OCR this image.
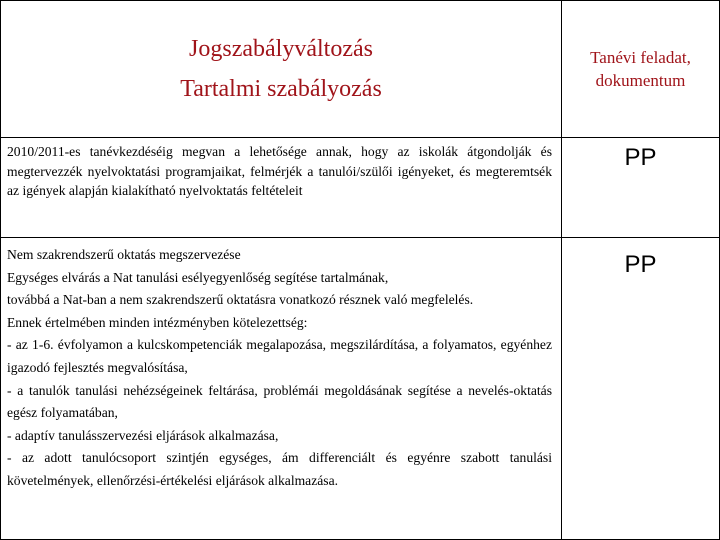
Jogszabályváltozás
Tartalmi szabályozás
Tanévi feladat,
dokumentum
2010/2011-es tanévkezdéséig megvan a lehetősége annak, hogy az iskolák átgondolják és megtervezzék nyelvoktatási programjaikat, felmérjék a tanulói/szülői igényeket, és megteremtsék az igények alapján kialakítható nyelvoktatás feltételeit
PP

Nem szakrendszerű oktatás megszervezése

Egységes elvárás a Nat tanulási esélyegyenlőség segítése tartalmának,

továbbá a Nat-ban a nem szakrendszerű oktatásra vonatkozó résznek való megfelelés.

Ennek értelmében minden intézményben kötelezettség:

- az 1-6. évfolyamon a kulcskompetenciák megalapozása, megszilárdítása, a folyamatos, egyénhez igazodó fejlesztés megvalósítása,

- a tanulók tanulási nehézségeinek feltárása, problémái megoldásának segítése a nevelés-oktatás egész folyamatában,

- adaptív tanulásszervezési eljárások alkalmazása,

- az adott tanulócsoport szintjén egységes, ám differenciált és egyénre szabott tanulási követelmények, ellenőrzési-értékelési eljárások alkalmazása.

PP
